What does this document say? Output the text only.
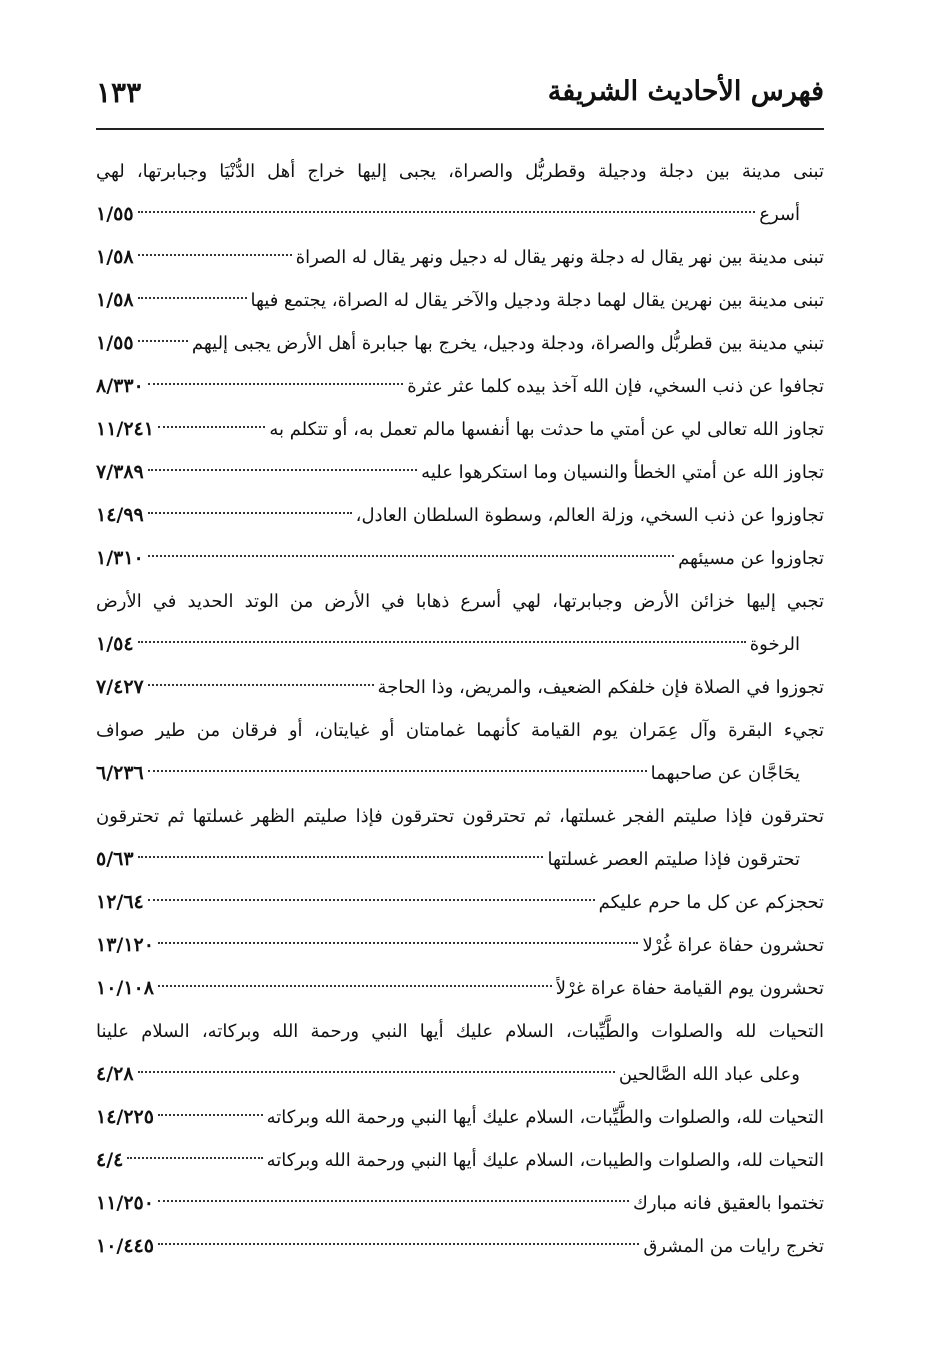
فهرس الأحاديث الشريفة
١٣٣
تبنى مدينة بين دجلة ودجيلة وقطربُّل والصراة، يجبى إليها خراج أهل الدُّنْيَا وجبابرتها، لهي
أسرع
١/٥٥
تبنى مدينة بين نهر يقال له دجلة ونهر يقال له دجيل ونهر يقال له الصراة
١/٥٨
تبنى مدينة بين نهرين يقال لهما دجلة ودجيل والآخر يقال له الصراة، يجتمع فيها
١/٥٨
تبني مدينة بين قطربُّل والصراة، ودجلة ودجيل، يخرج بها جبابرة أهل الأرض يجبى إليهم
١/٥٥
تجافوا عن ذنب السخي، فإن الله آخذ بيده كلما عثر عثرة
٨/٣٣٠
تجاوز الله تعالى لي عن أمتي ما حدثت بها أنفسها مالم تعمل به، أو تتكلم به
١١/٢٤١
تجاوز الله عن أمتي الخطأ والنسيان وما استكرهوا عليه
٧/٣٨٩
تجاوزوا عن ذنب السخي، وزلة العالم، وسطوة السلطان العادل،
١٤/٩٩
تجاوزوا عن مسيئهم
١/٣١٠
تجبي إليها خزائن الأرض وجبابرتها، لهي أسرع ذهابا في الأرض من الوتد الحديد في الأرض
الرخوة
١/٥٤
تجوزوا في الصلاة فإن خلفكم الضعيف، والمريض، وذا الحاجة
٧/٤٢٧
تجيء البقرة وآل عِمَران يوم القيامة كأنهما غمامتان أو غيايتان، أو فرقان من طير صواف
يحَاجَّان عن صاحبهما
٦/٢٣٦
تحترقون فإذا صليتم الفجر غسلتها، ثم تحترقون تحترقون فإذا صليتم الظهر غسلتها ثم تحترقون
تحترقون فإذا صليتم العصر غسلتها
٥/٦٣
تحجزكم عن كل ما حرم عليكم
١٢/٦٤
تحشرون حفاة عراة غُرْلا
١٣/١٢٠
تحشرون يوم القيامة حفاة عراة غرْلاً
١٠/١٠٨
التحيات لله والصلوات والطَّيِّبات، السلام عليك أيها النبي ورحمة الله وبركاته، السلام علينا
وعلى عباد الله الصَّالحين
٤/٢٨
التحيات لله، والصلوات والطَّيِّبات، السلام عليك أيها النبي ورحمة الله وبركاته
١٤/٢٢٥
التحيات لله، والصلوات والطيبات، السلام عليك أيها النبي ورحمة الله وبركاته
٤/٤
تختموا بالعقيق فانه مبارك
١١/٢٥٠
تخرج رايات من المشرق
١٠/٤٤٥
